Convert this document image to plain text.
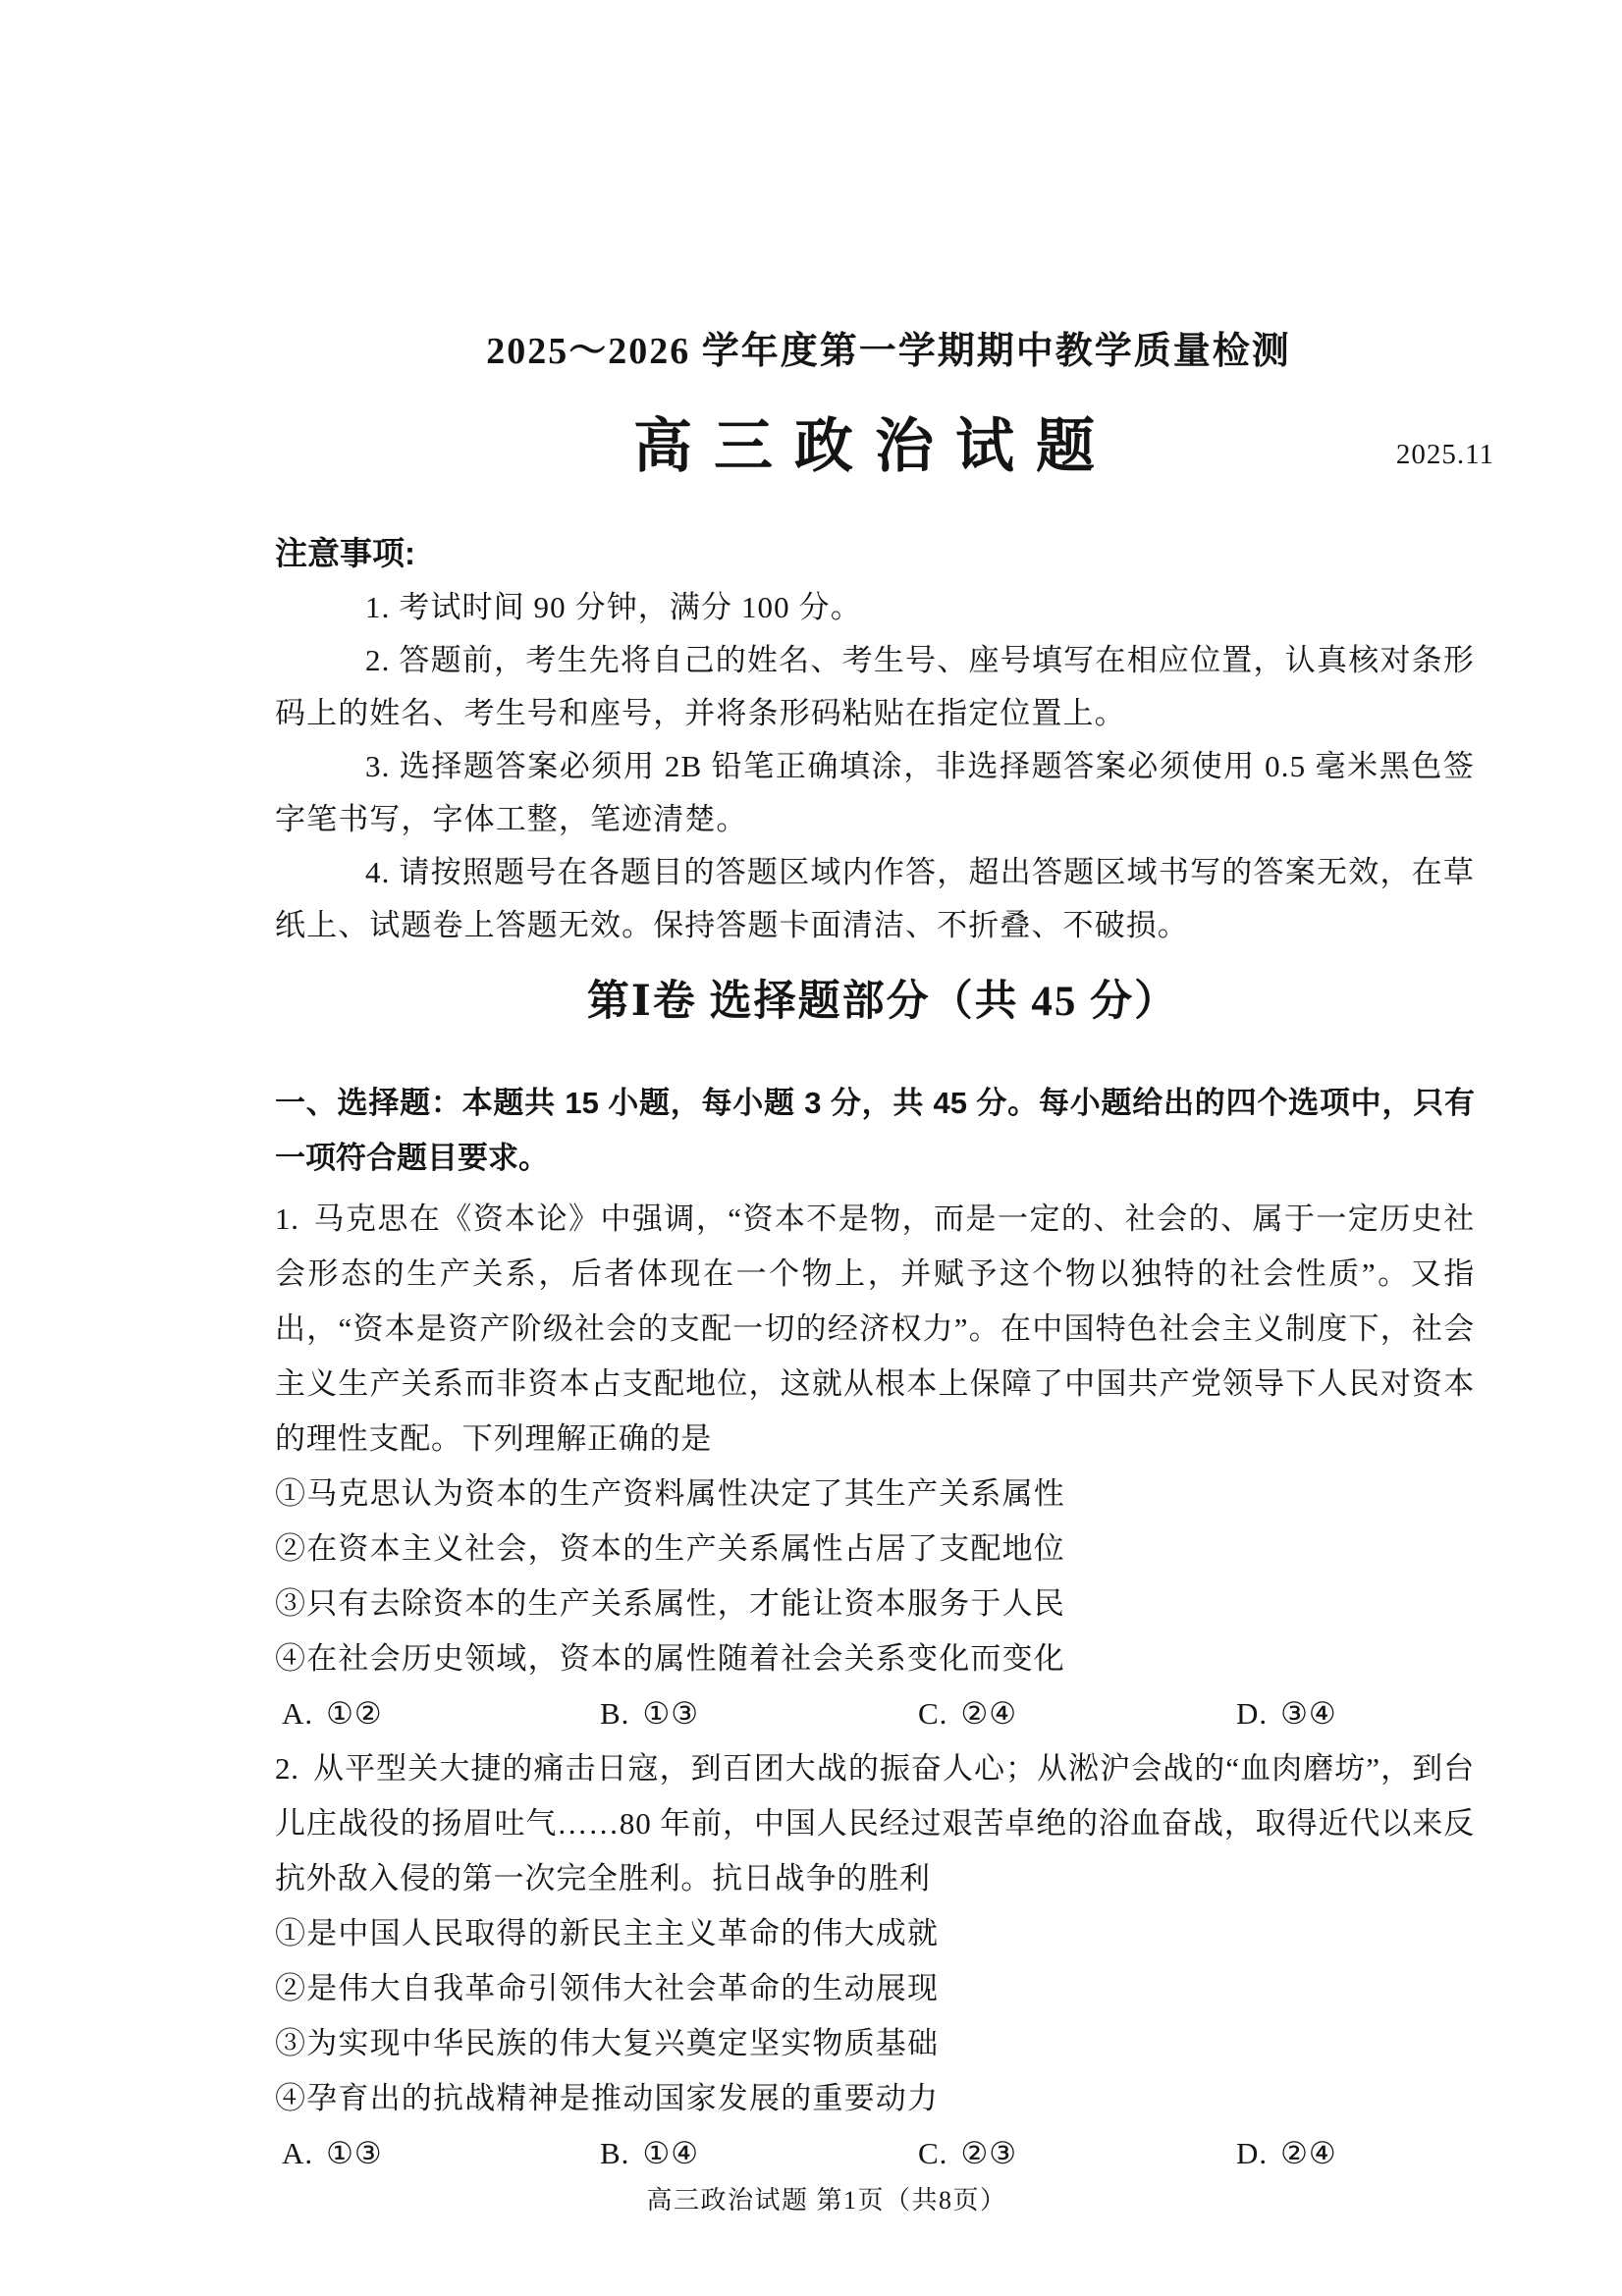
2025～2026 学年度第一学期期中教学质量检测
高三政治试题	2025.11
注意事项:

1. 考试时间 90 分钟，满分 100 分。

2. 答题前，考生先将自己的姓名、考生号、座号填写在相应位置，认真核对条形码上的姓名、考生号和座号，并将条形码粘贴在指定位置上。

3. 选择题答案必须用 2B 铅笔正确填涂，非选择题答案必须使用 0.5 毫米黑色签字笔书写，字体工整，笔迹清楚。

4. 请按照题号在各题目的答题区域内作答，超出答题区域书写的答案无效，在草纸上、试题卷上答题无效。保持答题卡面清洁、不折叠、不破损。

第Ⅰ卷 选择题部分（共 45 分）

一、选择题：本题共 15 小题，每小题 3 分，共 45 分。每小题给出的四个选项中，只有一项符合题目要求。

1. 马克思在《资本论》中强调，“资本不是物，而是一定的、社会的、属于一定历史社会形态的生产关系，后者体现在一个物上，并赋予这个物以独特的社会性质”。又指出，“资本是资产阶级社会的支配一切的经济权力”。在中国特色社会主义制度下，社会主义生产关系而非资本占支配地位，这就从根本上保障了中国共产党领导下人民对资本的理性支配。下列理解正确的是

①马克思认为资本的生产资料属性决定了其生产关系属性

②在资本主义社会，资本的生产关系属性占居了支配地位

③只有去除资本的生产关系属性，才能让资本服务于人民

④在社会历史领域，资本的属性随着社会关系变化而变化

A. ①②	B. ①③	C. ②④	D. ③④

2. 从平型关大捷的痛击日寇，到百团大战的振奋人心；从淞沪会战的“血肉磨坊”，到台儿庄战役的扬眉吐气……80 年前，中国人民经过艰苦卓绝的浴血奋战，取得近代以来反抗外敌入侵的第一次完全胜利。抗日战争的胜利

①是中国人民取得的新民主主义革命的伟大成就

②是伟大自我革命引领伟大社会革命的生动展现

③为实现中华民族的伟大复兴奠定坚实物质基础

④孕育出的抗战精神是推动国家发展的重要动力

A. ①③	B. ①④	C. ②③	D. ②④
高三政治试题 第1页（共8页）
